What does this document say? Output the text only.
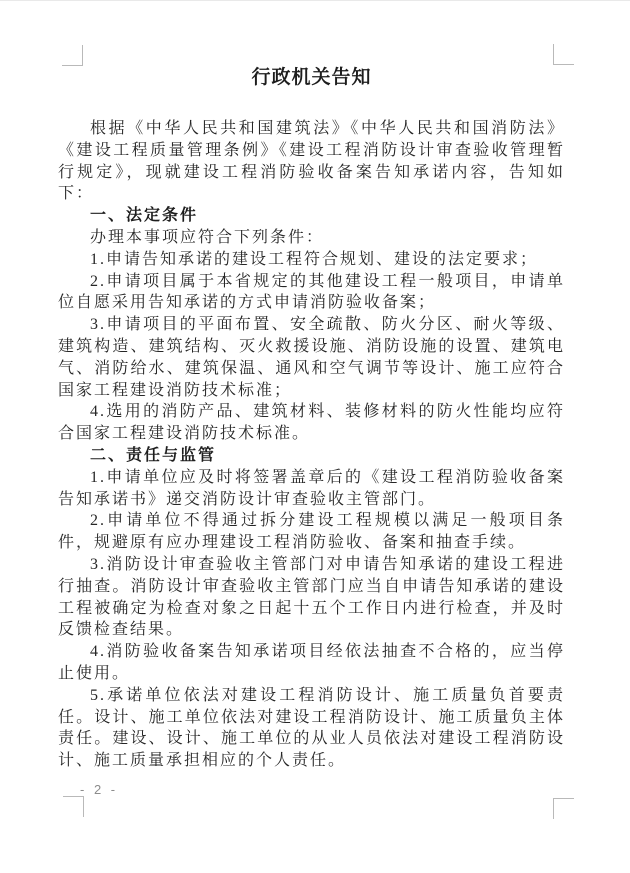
行政机关告知

根据《中华人民共和国建筑法》《中华人民共和国消防法》《建设工程质量管理条例》《建设工程消防设计审查验收管理暂行规定》，现就建设工程消防验收备案告知承诺内容，告知如下：

一、法定条件

办理本事项应符合下列条件：

1.申请告知承诺的建设工程符合规划、建设的法定要求；

2.申请项目属于本省规定的其他建设工程一般项目，申请单位自愿采用告知承诺的方式申请消防验收备案；

3.申请项目的平面布置、安全疏散、防火分区、耐火等级、建筑构造、建筑结构、灭火救援设施、消防设施的设置、建筑电气、消防给水、建筑保温、通风和空气调节等设计、施工应符合国家工程建设消防技术标准；

4.选用的消防产品、建筑材料、装修材料的防火性能均应符合国家工程建设消防技术标准。

二、责任与监管

1.申请单位应及时将签署盖章后的《建设工程消防验收备案告知承诺书》递交消防设计审查验收主管部门。

2.申请单位不得通过拆分建设工程规模以满足一般项目条件，规避原有应办理建设工程消防验收、备案和抽查手续。

3.消防设计审查验收主管部门对申请告知承诺的建设工程进行抽查。消防设计审查验收主管部门应当自申请告知承诺的建设工程被确定为检查对象之日起十五个工作日内进行检查，并及时反馈检查结果。

4.消防验收备案告知承诺项目经依法抽查不合格的，应当停止使用。

5.承诺单位依法对建设工程消防设计、施工质量负首要责任。设计、施工单位依法对建设工程消防设计、施工质量负主体责任。建设、设计、施工单位的从业人员依法对建设工程消防设计、施工质量承担相应的个人责任。

- 2 -
